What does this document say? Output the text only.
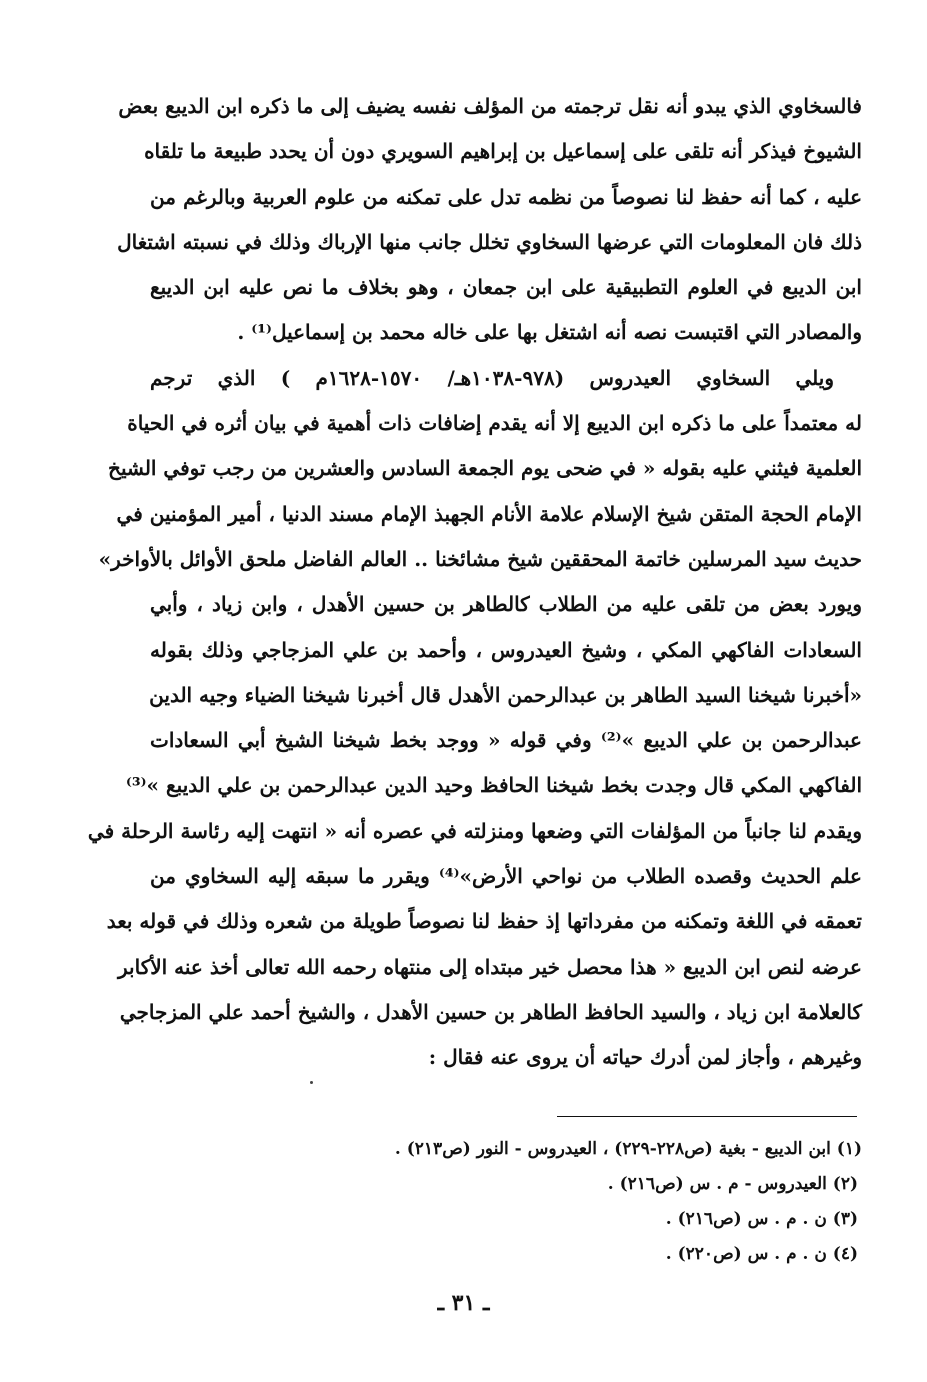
فالسخاوي الذي يبدو أنه نقل ترجمته من المؤلف نفسه يضيف إلى ما ذكره ابن الديبع بعض
الشيوخ فيذكر أنه تلقى على إسماعيل بن إبراهيم السويري دون أن يحدد طبيعة ما تلقاه
عليه ، كما أنه حفظ لنا نصوصاً من نظمه تدل على تمكنه من علوم العربية وبالرغم من
ذلك فان المعلومات التي عرضها السخاوي تخلل جانب منها الإرباك وذلك في نسبته اشتغال
ابن الديبع في العلوم التطبيقية على ابن جمعان ، وهو بخلاف ما نص عليه ابن الديبع
والمصادر التي اقتبست نصه أنه اشتغل بها على خاله محمد بن إسماعيل⁽¹⁾ .
ويلي السخاوي العيدروس (٩٧٨-١٠٣٨هـ/ ١٥٧٠-١٦٢٨م ) الذي ترجم
له معتمداً على ما ذكره ابن الديبع إلا أنه يقدم إضافات ذات أهمية في بيان أثره في الحياة
العلمية فيثني عليه بقوله « في ضحى يوم الجمعة السادس والعشرين من رجب توفي الشيخ
الإمام الحجة المتقن شيخ الإسلام علامة الأنام الجهبذ الإمام مسند الدنيا ، أمير المؤمنين في
حديث سيد المرسلين خاتمة المحققين شيخ مشائخنا .. العالم الفاضل ملحق الأوائل بالأواخر»
ويورد بعض من تلقى عليه من الطلاب كالطاهر بن حسين الأهدل ، وابن زياد ، وأبي
السعادات الفاكهي المكي ، وشيخ العيدروس ، وأحمد بن علي المزجاجي وذلك بقوله
«أخبرنا شيخنا السيد الطاهر بن عبدالرحمن الأهدل قال أخبرنا شيخنا الضياء وجيه الدين
عبدالرحمن بن علي الديبع »⁽²⁾ وفي قوله « ووجد بخط شيخنا الشيخ أبي السعادات
الفاكهي المكي قال وجدت بخط شيخنا الحافظ وحيد الدين عبدالرحمن بن علي الديبع »⁽³⁾
ويقدم لنا جانباً من المؤلفات التي وضعها ومنزلته في عصره أنه « انتهت إليه رئاسة الرحلة في
علم الحديث وقصده الطلاب من نواحي الأرض»⁽⁴⁾ ويقرر ما سبقه إليه السخاوي من
تعمقه في اللغة وتمكنه من مفرداتها إذ حفظ لنا نصوصاً طويلة من شعره وذلك في قوله بعد
عرضه لنص ابن الديبع « هذا محصل خير مبتداه إلى منتهاه رحمه الله تعالى أخذ عنه الأكابر
كالعلامة ابن زياد ، والسيد الحافظ الطاهر بن حسين الأهدل ، والشيخ أحمد علي المزجاجي
وغيرهم ، وأجاز لمن أدرك حياته أن يروى عنه فقال :
(١) ابن الديبع - بغية (ص٢٢٨-٢٢٩) ، العيدروس - النور (ص٢١٣) .
(٢) العيدروس - م . س (ص٢١٦) .
(٣) ن . م . س (ص٢١٦) .
(٤) ن . م . س (ص٢٢٠) .
ـ ٣١ ـ
